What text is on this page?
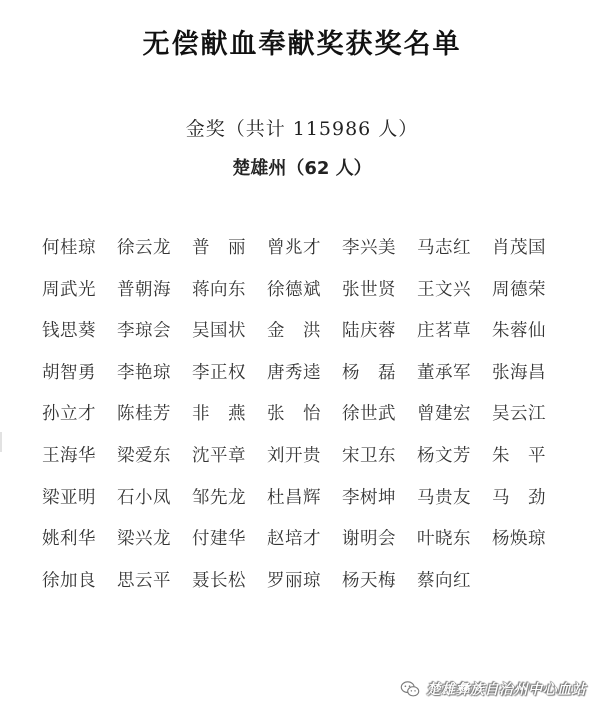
无偿献血奉献奖获奖名单
金奖（共计 115986 人）
楚雄州（62 人）
何桂琼	徐云龙	普　丽	曾兆才	李兴美	马志红	肖茂国
周武光	普朝海	蒋向东	徐德斌	张世贤	王文兴	周德荣
钱思葵	李琼会	吴国状	金　洪	陆庆蓉	庄茗草	朱蓉仙
胡智勇	李艳琼	李正权	唐秀逵	杨　磊	董承军	张海昌
孙立才	陈桂芳	非　燕	张　怡	徐世武	曾建宏	吴云江
王海华	梁爱东	沈平章	刘开贵	宋卫东	杨文芳	朱　平
梁亚明	石小凤	邹先龙	杜昌辉	李树坤	马贵友	马　劲
姚利华	梁兴龙	付建华	赵培才	谢明会	叶晓东	杨焕琼
徐加良	思云平	聂长松	罗丽琼	杨天梅	蔡向红
楚雄彝族自治州中心血站
